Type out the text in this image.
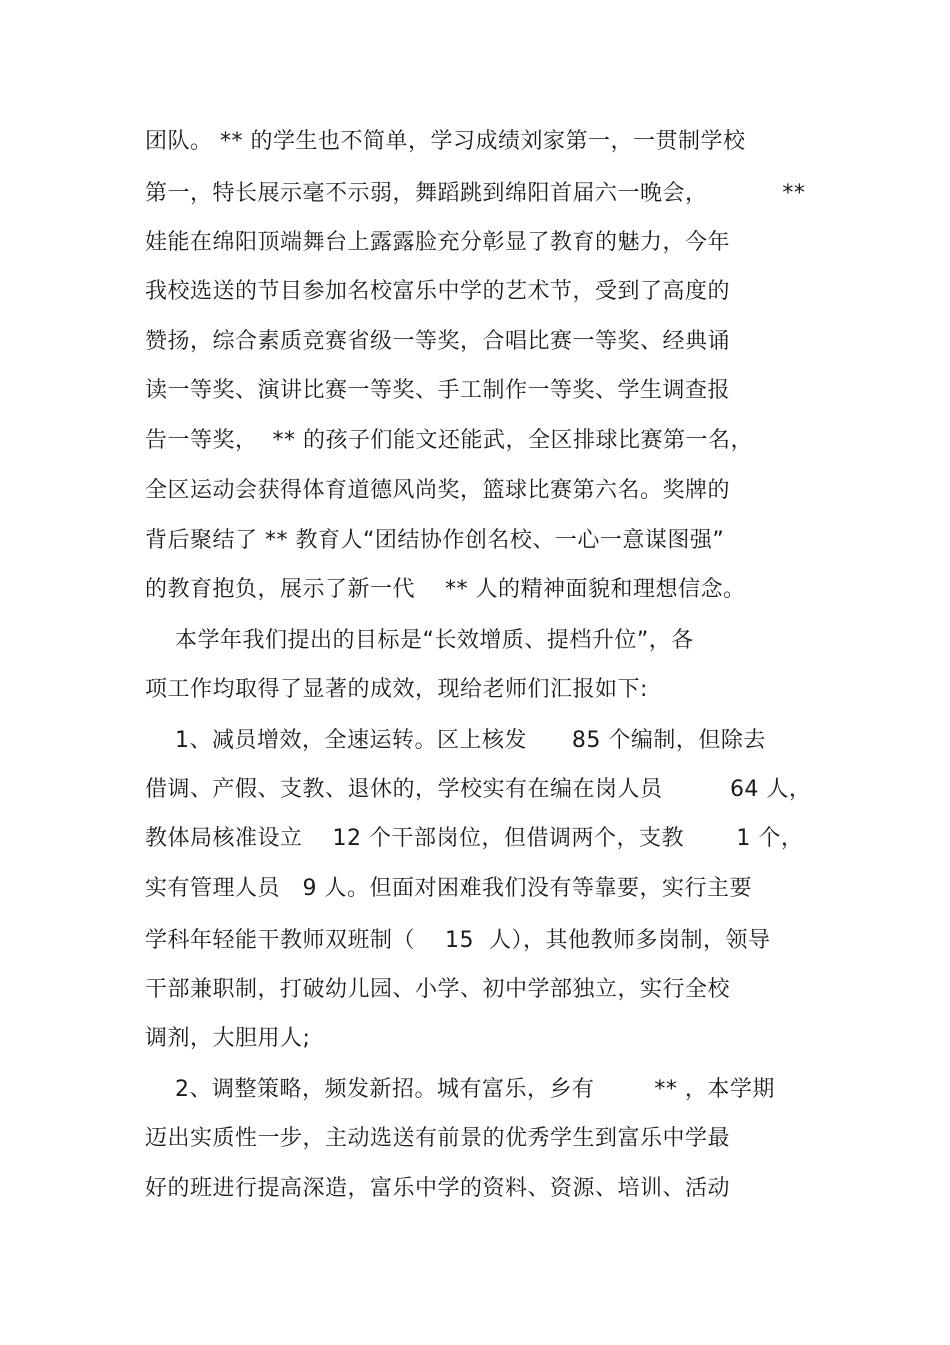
团队。 ** 的学生也不简单，学习成绩刘家第一，一贯制学校
第一，特长展示毫不示弱，舞蹈跳到绵阳首届六一晚会，          **
娃能在绵阳顶端舞台上露露脸充分彰显了教育的魅力，今年
我校选送的节目参加名校富乐中学的艺术节，受到了高度的
赞扬，综合素质竞赛省级一等奖，合唱比赛一等奖、经典诵
读一等奖、演讲比赛一等奖、手工制作一等奖、学生调查报
告一等奖，  ** 的孩子们能文还能武，全区排球比赛第一名，
全区运动会获得体育道德风尚奖，篮球比赛第六名。奖牌的
背后聚结了 ** 教育人“团结协作创名校、一心一意谋图强”
的教育抱负，展示了新一代    ** 人的精神面貌和理想信念。
本学年我们提出的目标是“长效增质、提档升位”，各
项工作均取得了显著的成效，现给老师们汇报如下:
1、减员增效，全速运转。区上核发      85 个编制，但除去
借调、产假、支教、退休的，学校实有在编在岗人员         64 人，
教体局核准设立    12 个干部岗位，但借调两个，支教       1 个，
实有管理人员   9 人。但面对困难我们没有等靠要，实行主要
学科年轻能干教师双班制（    15  人），其他教师多岗制，领导
干部兼职制，打破幼儿园、小学、初中学部独立，实行全校
调剂，大胆用人;
2、调整策略，频发新招。城有富乐，乡有        ** ，本学期
迈出实质性一步，主动选送有前景的优秀学生到富乐中学最
好的班进行提高深造，富乐中学的资料、资源、培训、活动
